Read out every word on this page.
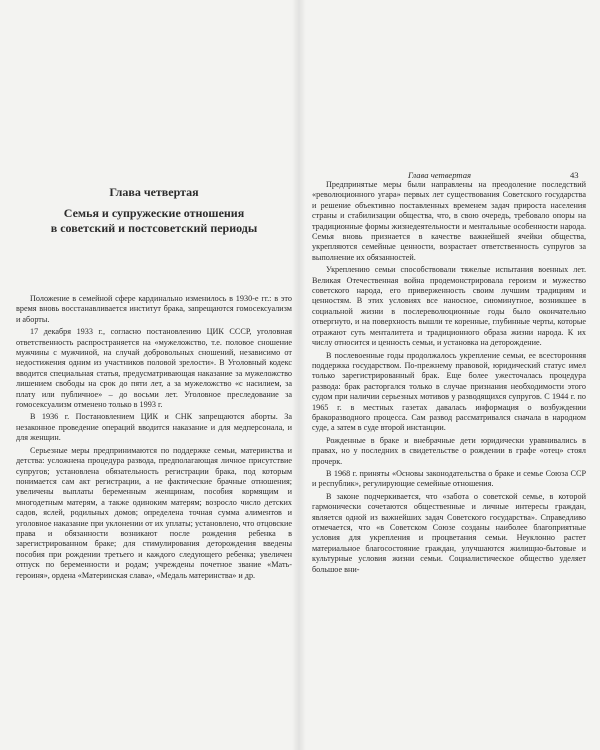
Глава четвертая
Семья и супружеские отношения
в советский и постсоветский периоды

Положение в семейной сфере кардинально изменилось в 1930-е гг.: в это время вновь восстанавливается институт брака, запрещаются гомосексуализм и аборты.

17 декабря 1933 г., согласно постановлению ЦИК СССР, уголовная ответственность распространяется на «мужеложство, т.е. половое сношение мужчины с мужчиной, на случай добровольных сношений, независимо от недостижения одним из участников половой зрелости». В Уголовный кодекс вводится специальная статья, предусматривающая наказание за мужеложство лишением свободы на срок до пяти лет, а за мужеложство «с насилием, за плату или публичное» – до восьми лет. Уголовное преследование за гомосексуализм отменено только в 1993 г.

В 1936 г. Постановлением ЦИК и СНК запрещаются аборты. За незаконное проведение операций вводится наказание и для медперсонала, и для женщин.

Серьезные меры предпринимаются по поддержке семьи, материнства и детства: усложнена процедура развода, предполагающая личное присутствие супругов; установлена обязательность регистрации брака, под которым понимается сам акт регистрации, а не фактические брачные отношения; увеличены выплаты беременным женщинам, пособия кормящим и многодетным матерям, а также одиноким матерям; возросло число детских садов, яслей, родильных домов; определена точная сумма алиментов и уголовное наказание при уклонении от их уплаты; установлено, что отцовские права и обязанности возникают после рождения ребенка в зарегистрированном браке; для стимулирования деторождения введены пособия при рождении третьего и каждого следующего ребенка; увеличен отпуск по беременности и родам; учреждены почетное звание «Мать-героиня», ордена «Материнская слава», «Медаль материнства» и др.

Глава четвертая	43

Предпринятые меры были направлены на преодоление последствий «революционного угара» первых лет существования Советского государства и решение объективно поставленных временем задач прироста населения страны и стабилизации общества, что, в свою очередь, требовало опоры на традиционные формы жизнедеятельности и ментальные особенности народа. Семья вновь признается в качестве важнейшей ячейки общества, укрепляются семейные ценности, возрастает ответственность супругов за выполнение их обязанностей.

Укреплению семьи способствовали тяжелые испытания военных лет. Великая Отечественная война продемонстрировала героизм и мужество советского народа, его приверженность своим лучшим традициям и ценностям. В этих условиях все наносное, сиюминутное, возникшее в социальной жизни в послереволюционные годы было окончательно отвергнуто, и на поверхность вышли те коренные, глубинные черты, которые отражают суть менталитета и традиционного образа жизни народа. К их числу относится и ценность семьи, и установка на деторождение.

В послевоенные годы продолжалось укрепление семьи, ее всесторонняя поддержка государством. По-прежнему правовой, юридический статус имел только зарегистрированный брак. Еще более ужесточалась процедура развода: брак расторгался только в случае признания необходимости этого судом при наличии серьезных мотивов у разводящихся супругов. С 1944 г. по 1965 г. в местных газетах давалась информация о возбуждении бракоразводного процесса. Сам развод рассматривался сначала в народном суде, а затем в суде второй инстанции.

Рожденные в браке и внебрачные дети юридически уравнивались в правах, но у последних в свидетельстве о рождении в графе «отец» стоял прочерк.

В 1968 г. приняты «Основы законодательства о браке и семье Союза ССР и республик», регулирующие семейные отношения.

В законе подчеркивается, что «забота о советской семье, в которой гармонически сочетаются общественные и личные интересы граждан, является одной из важнейших задач Советского государства». Справедливо отмечается, что «в Советском Союзе созданы наиболее благоприятные условия для укрепления и процветания семьи. Неуклонно растет материальное благосостояние граждан, улучшаются жилищно-бытовые и культурные условия жизни семьи. Социалистическое общество уделяет большое вни-
